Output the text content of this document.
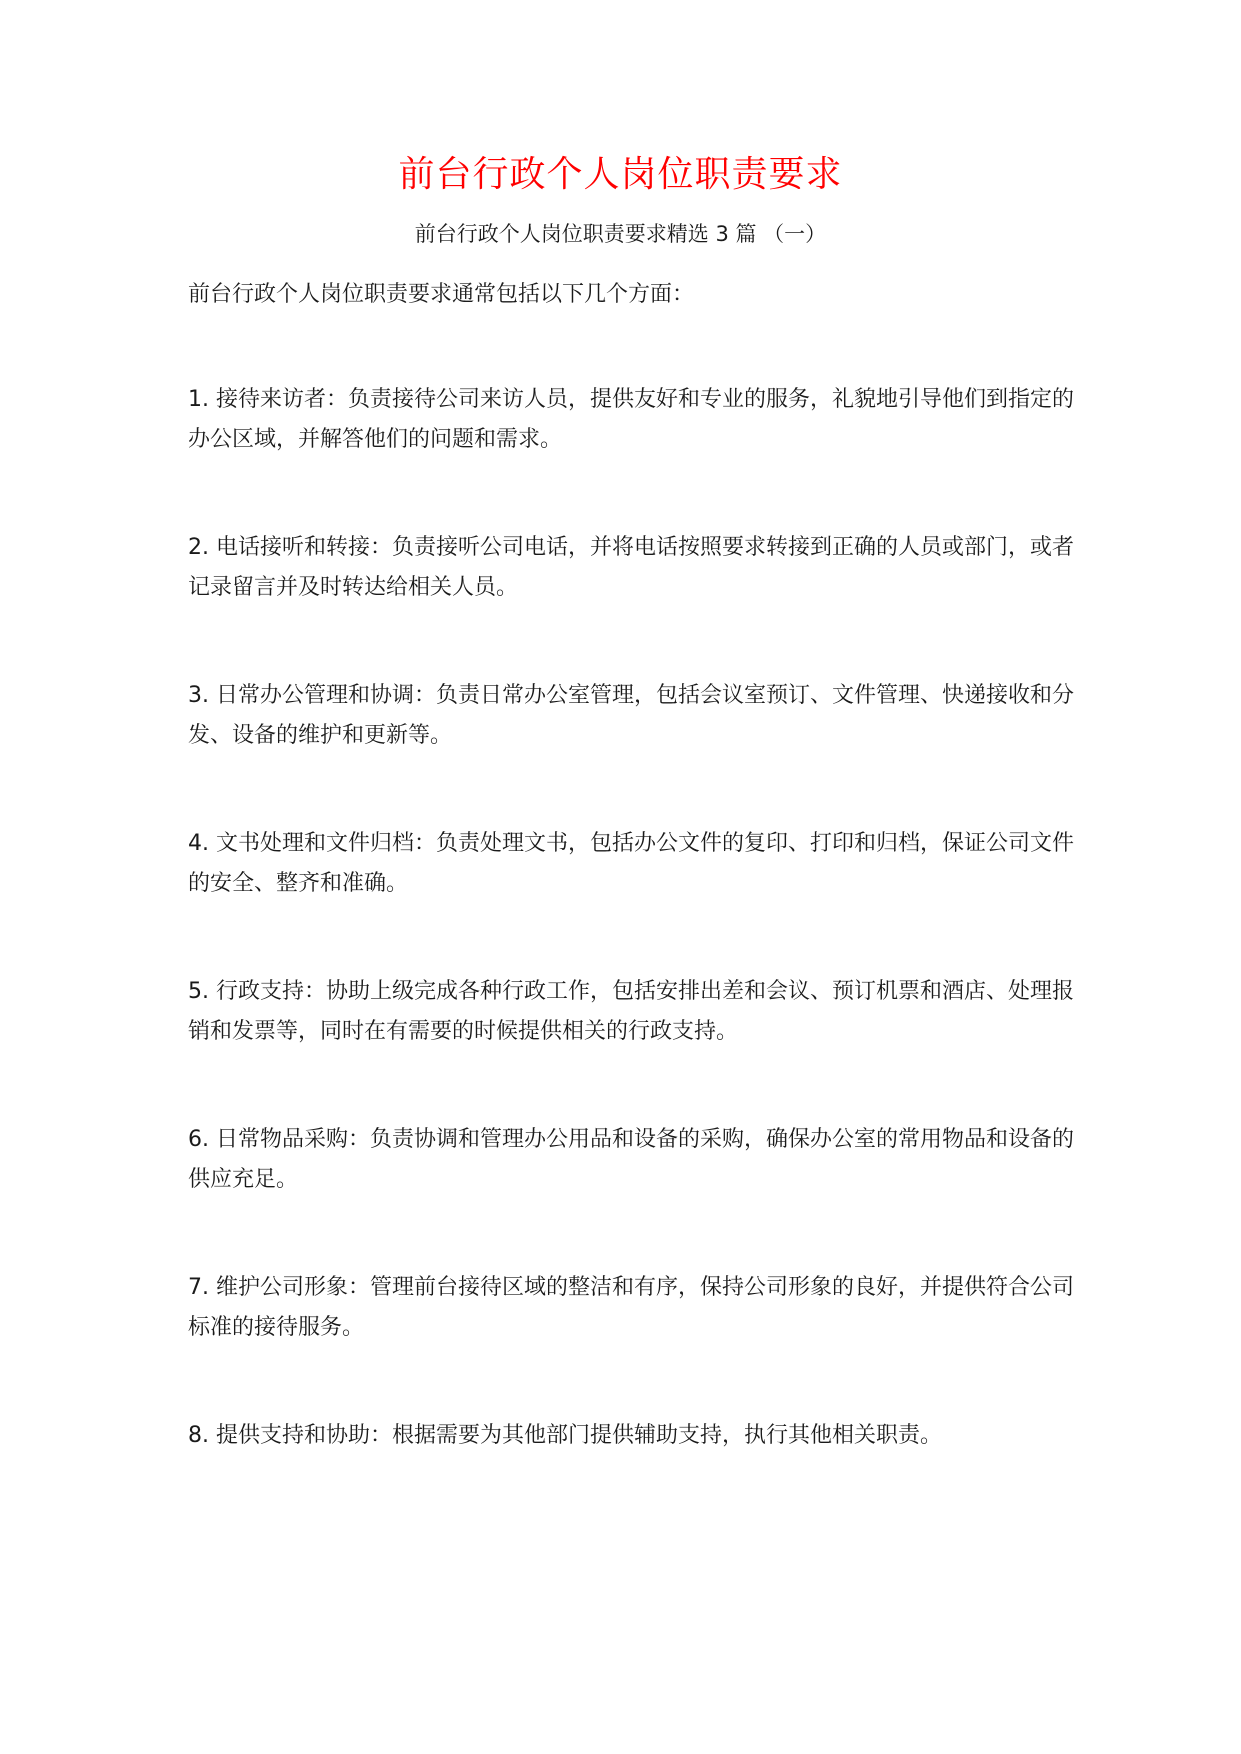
前台行政个人岗位职责要求
前台行政个人岗位职责要求精选 3 篇 （一）
前台行政个人岗位职责要求通常包括以下几个方面：
1. 接待来访者：负责接待公司来访人员，提供友好和专业的服务，礼貌地引导他们到指定的办公区域，并解答他们的问题和需求。
2. 电话接听和转接：负责接听公司电话，并将电话按照要求转接到正确的人员或部门，或者记录留言并及时转达给相关人员。
3. 日常办公管理和协调：负责日常办公室管理，包括会议室预订、文件管理、快递接收和分发、设备的维护和更新等。
4. 文书处理和文件归档：负责处理文书，包括办公文件的复印、打印和归档，保证公司文件的安全、整齐和准确。
5. 行政支持：协助上级完成各种行政工作，包括安排出差和会议、预订机票和酒店、处理报销和发票等，同时在有需要的时候提供相关的行政支持。
6. 日常物品采购：负责协调和管理办公用品和设备的采购，确保办公室的常用物品和设备的供应充足。
7. 维护公司形象：管理前台接待区域的整洁和有序，保持公司形象的良好，并提供符合公司标准的接待服务。
8. 提供支持和协助：根据需要为其他部门提供辅助支持，执行其他相关职责。
